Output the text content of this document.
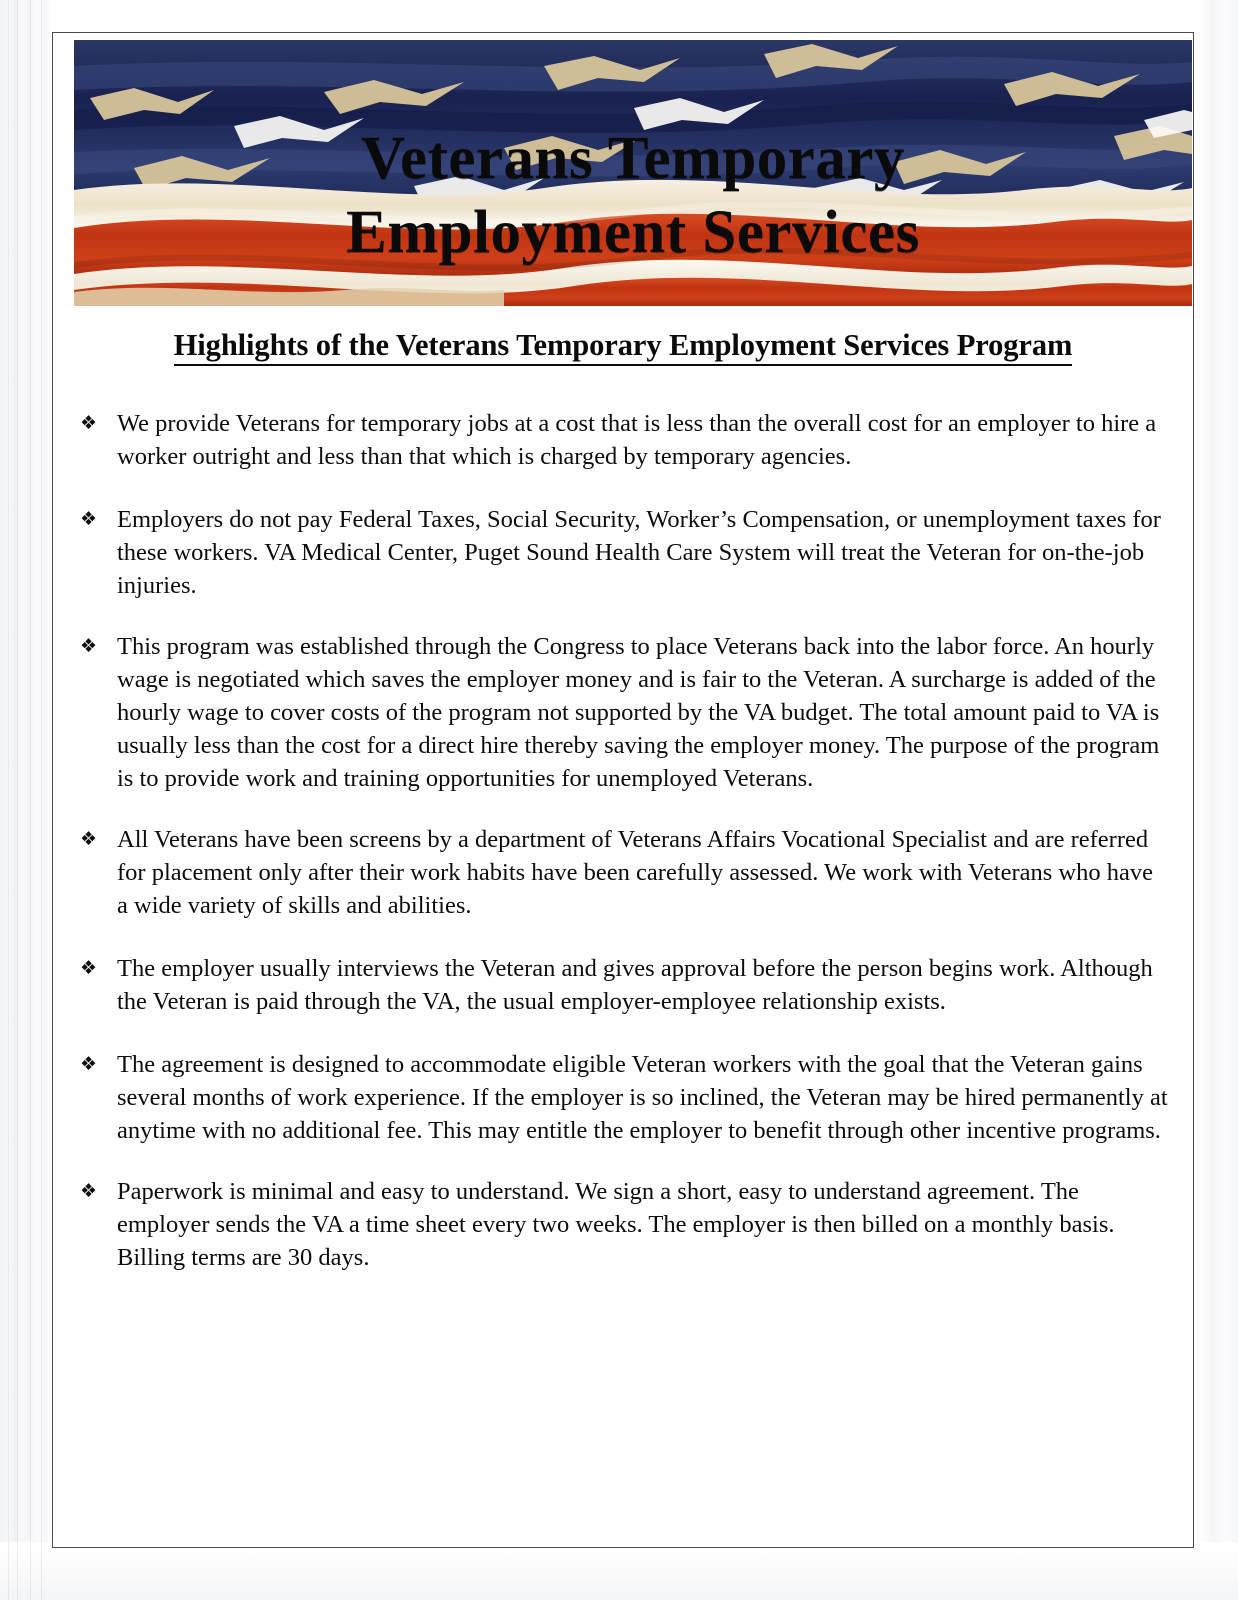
Veterans Temporary
Employment Services
Highlights of the Veterans Temporary Employment Services Program
❖ We provide Veterans for temporary jobs at a cost that is less than the overall cost for an employer to hire a worker outright and less than that which is charged by temporary agencies.
❖ Employers do not pay Federal Taxes, Social Security, Worker’s Compensation, or unemployment taxes for these workers. VA Medical Center, Puget Sound Health Care System will treat the Veteran for on-the-job injuries.
❖ This program was established through the Congress to place Veterans back into the labor force. An hourly wage is negotiated which saves the employer money and is fair to the Veteran. A surcharge is added of the hourly wage to cover costs of the program not supported by the VA budget. The total amount paid to VA is usually less than the cost for a direct hire thereby saving the employer money. The purpose of the program is to provide work and training opportunities for unemployed Veterans.
❖ All Veterans have been screens by a department of Veterans Affairs Vocational Specialist and are referred for placement only after their work habits have been carefully assessed. We work with Veterans who have a wide variety of skills and abilities.
❖ The employer usually interviews the Veteran and gives approval before the person begins work. Although the Veteran is paid through the VA, the usual employer-employee relationship exists.
❖ The agreement is designed to accommodate eligible Veteran workers with the goal that the Veteran gains several months of work experience. If the employer is so inclined, the Veteran may be hired permanently at anytime with no additional fee. This may entitle the employer to benefit through other incentive programs.
❖ Paperwork is minimal and easy to understand. We sign a short, easy to understand agreement. The employer sends the VA a time sheet every two weeks. The employer is then billed on a monthly basis. Billing terms are 30 days.
